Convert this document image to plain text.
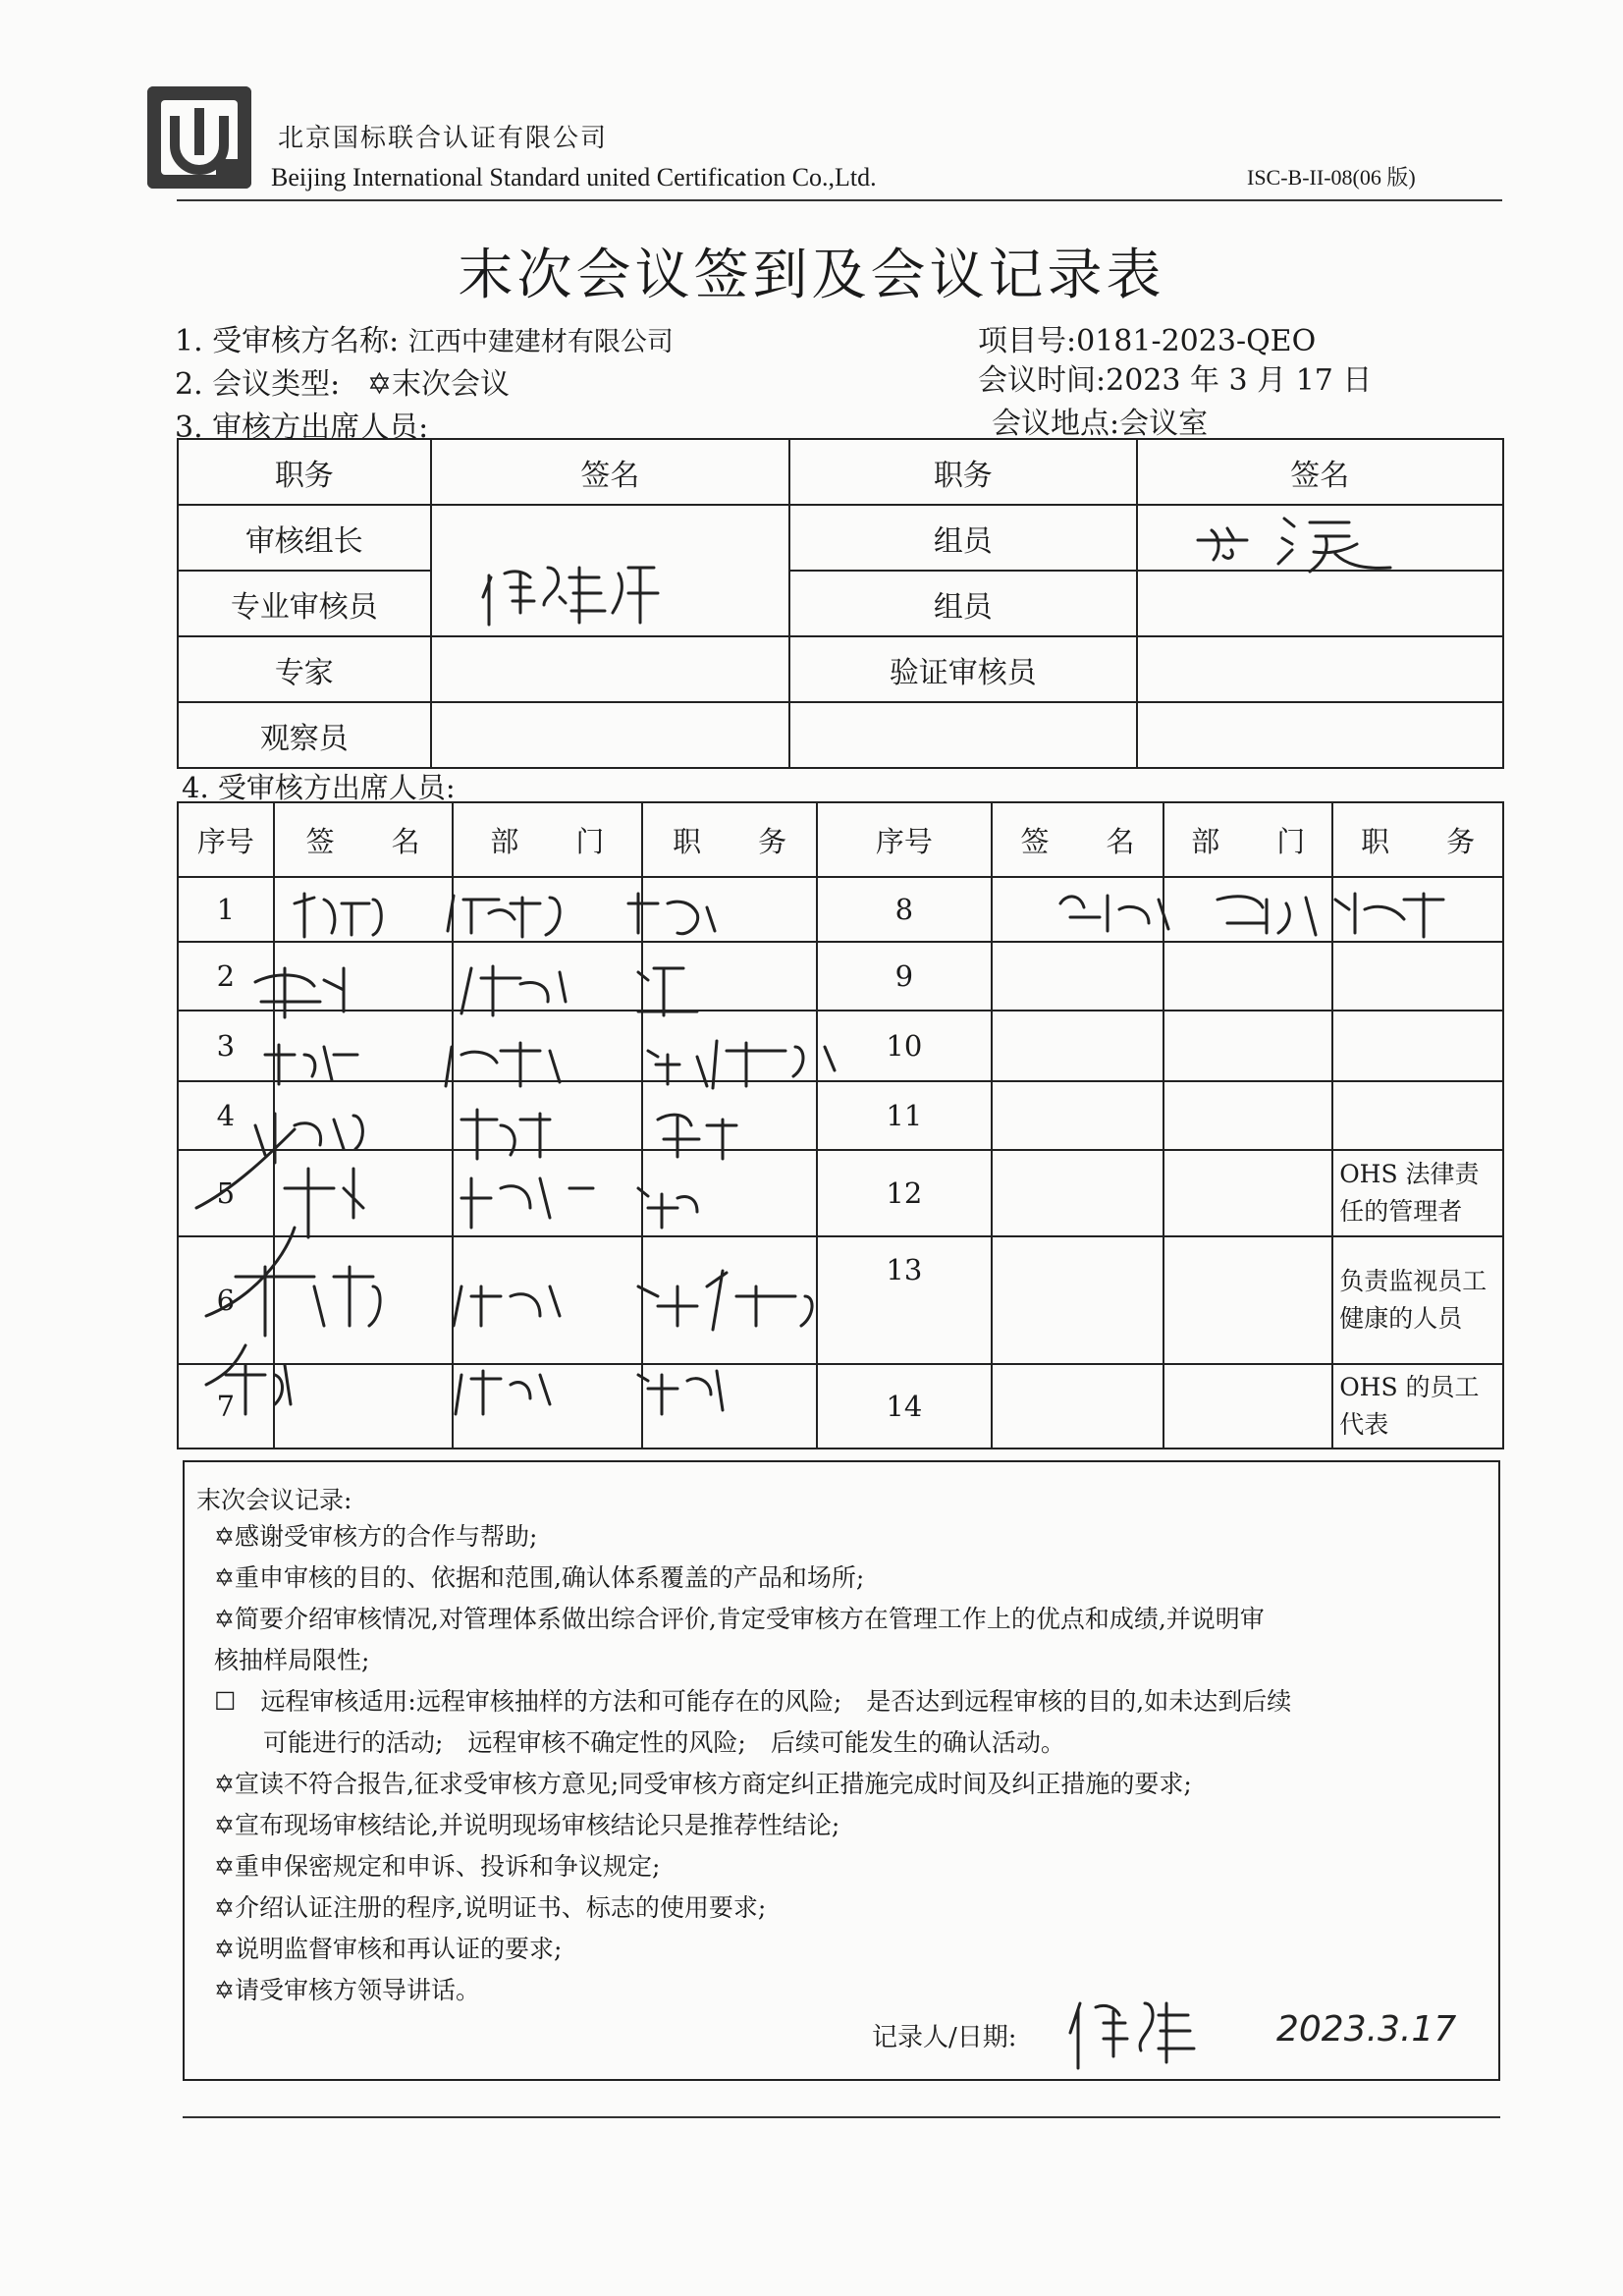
北京国标联合认证有限公司
Beijing International Standard united Certification Co.,Ltd.	ISC-B-II-08(06 版)
末次会议签到及会议记录表
1. 受审核方名称: 江西中建建材有限公司	项目号:0181-2023-QEO
2. 会议类型: ✡末次会议	会议时间:2023 年 3 月 17 日
3. 审核方出席人员:	会议地点:会议室
职务	签名	职务	签名
审核组长		组员	
专业审核员		组员	
专家		验证审核员	
观察员			
4. 受审核方出席人员:
序号	签　　名	部　　门	职　　务	序号	签　　名	部　　门	职　　务
1				8			
2				9			
3				10			
4				11			
5				12			OHS 法律责任的管理者
6				13			负责监视员工健康的人员
7				14			OHS 的员工代表
末次会议记录:
✡感谢受审核方的合作与帮助;
✡重申审核的目的、依据和范围,确认体系覆盖的产品和场所;
✡简要介绍审核情况,对管理体系做出综合评价,肯定受审核方在管理工作上的优点和成绩,并说明审
核抽样局限性;
☐　远程审核适用:远程审核抽样的方法和可能存在的风险;　是否达到远程审核的目的,如未达到后续
　　可能进行的活动;　远程审核不确定性的风险;　后续可能发生的确认活动。
✡宣读不符合报告,征求受审核方意见;同受审核方商定纠正措施完成时间及纠正措施的要求;
✡宣布现场审核结论,并说明现场审核结论只是推荐性结论;
✡重申保密规定和申诉、投诉和争议规定;
✡介绍认证注册的程序,说明证书、标志的使用要求;
✡说明监督审核和再认证的要求;
✡请受审核方领导讲话。
记录人/日期:	2023.3.17
